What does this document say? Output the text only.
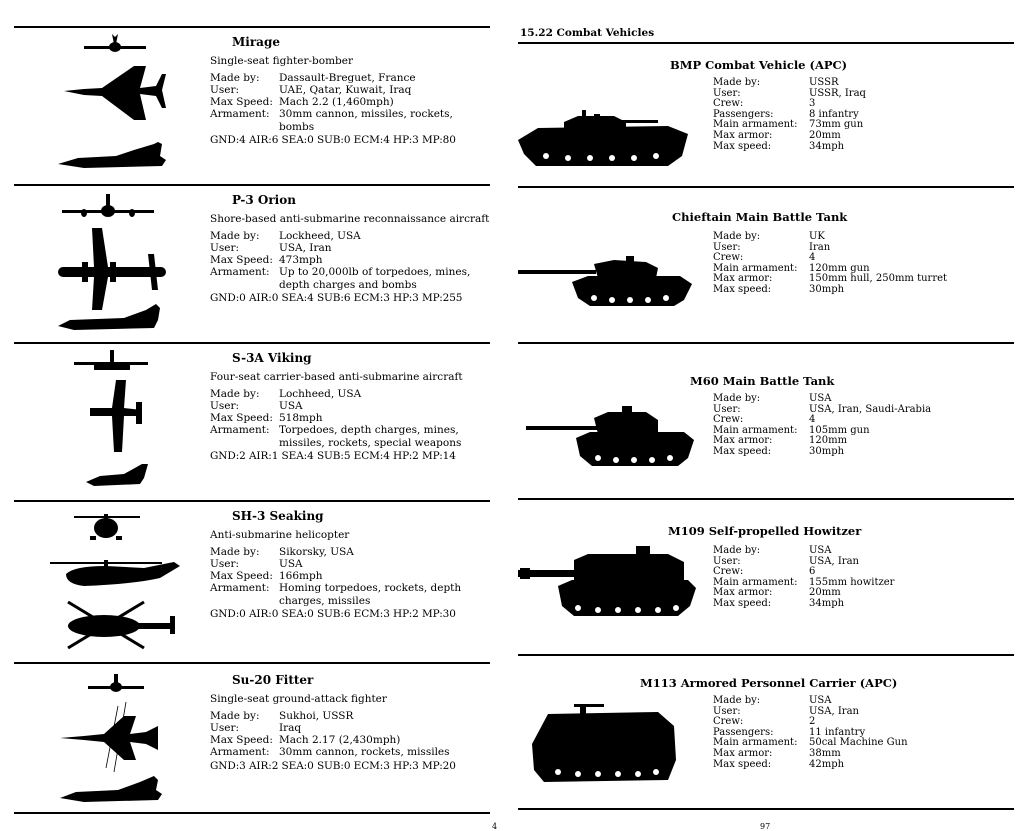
Mirage
Single-seat fighter-bomber
Made by:	Dassault-Breguet, France
User:	UAE, Qatar, Kuwait, Iraq
Max Speed: Mach 2.2 (1,460mph)
Armament: 30mm cannon, missiles, rockets,
bombs
GND:4 AIR:6 SEA:0 SUB:0 ECM:4 HP:3 MP:80
P-3 Orion
Shore-based anti-submarine reconnaissance aircraft
Made by:	Lockheed, USA
User:	USA, Iran
Max Speed: 473mph
Armament: Up to 20,000lb of torpedoes, mines,
depth charges and bombs
GND:0 AIR:0 SEA:4 SUB:6 ECM:3 HP:3 MP:255
S-3A Viking
Four-seat carrier-based anti-submarine aircraft
Made by:	Lochheed, USA
User:	USA
Max Speed: 518mph
Armament: Torpedoes, depth charges, mines,
missiles, rockets, special weapons
GND:2 AIR:1 SEA:4 SUB:5 ECM:4 HP:2 MP:14
SH-3 Seaking
Anti-submarine helicopter
Made by:	Sikorsky, USA
User:	USA
Max Speed: 166mph
Armament: Homing torpedoes, rockets, depth
charges, missiles
GND:0 AIR:0 SEA:0 SUB:6 ECM:3 HP:2 MP:30
Su-20 Fitter
Single-seat ground-attack fighter
Made by:	Sukhoi, USSR
User:	Iraq
Max Speed: Mach 2.17 (2,430mph)
Armament: 30mm cannon, rockets, missiles
GND:3 AIR:2 SEA:0 SUB:0 ECM:3 HP:3 MP:20
15.22 Combat Vehicles
BMP Combat Vehicle (APC)
Made by:	USSR
User:	USSR, Iraq
Crew:	3
Passengers:	8 infantry
Main armament:	73mm gun
Max armor:	20mm
Max speed:	34mph
Chieftain Main Battle Tank
Made by:	UK
User:	Iran
Crew:	4
Main armament:	120mm gun
Max armor:	150mm hull, 250mm turret
Max speed:	30mph
M60 Main Battle Tank
Made by:	USA
User:	USA, Iran, Saudi-Arabia
Crew:	4
Main armament:	105mm gun
Max armor:	120mm
Max speed:	30mph
M109 Self-propelled Howitzer
Made by:	USA
User:	USA, Iran
Crew:	6
Main armament:	155mm howitzer
Max armor:	20mm
Max speed:	34mph
M113 Armored Personnel Carrier (APC)
Made by:	USA
User:	USA, Iran
Crew:	2
Passengers:	11 infantry
Main armament:	50cal Machine Gun
Max armor:	38mm
Max speed:	42mph
4	97
